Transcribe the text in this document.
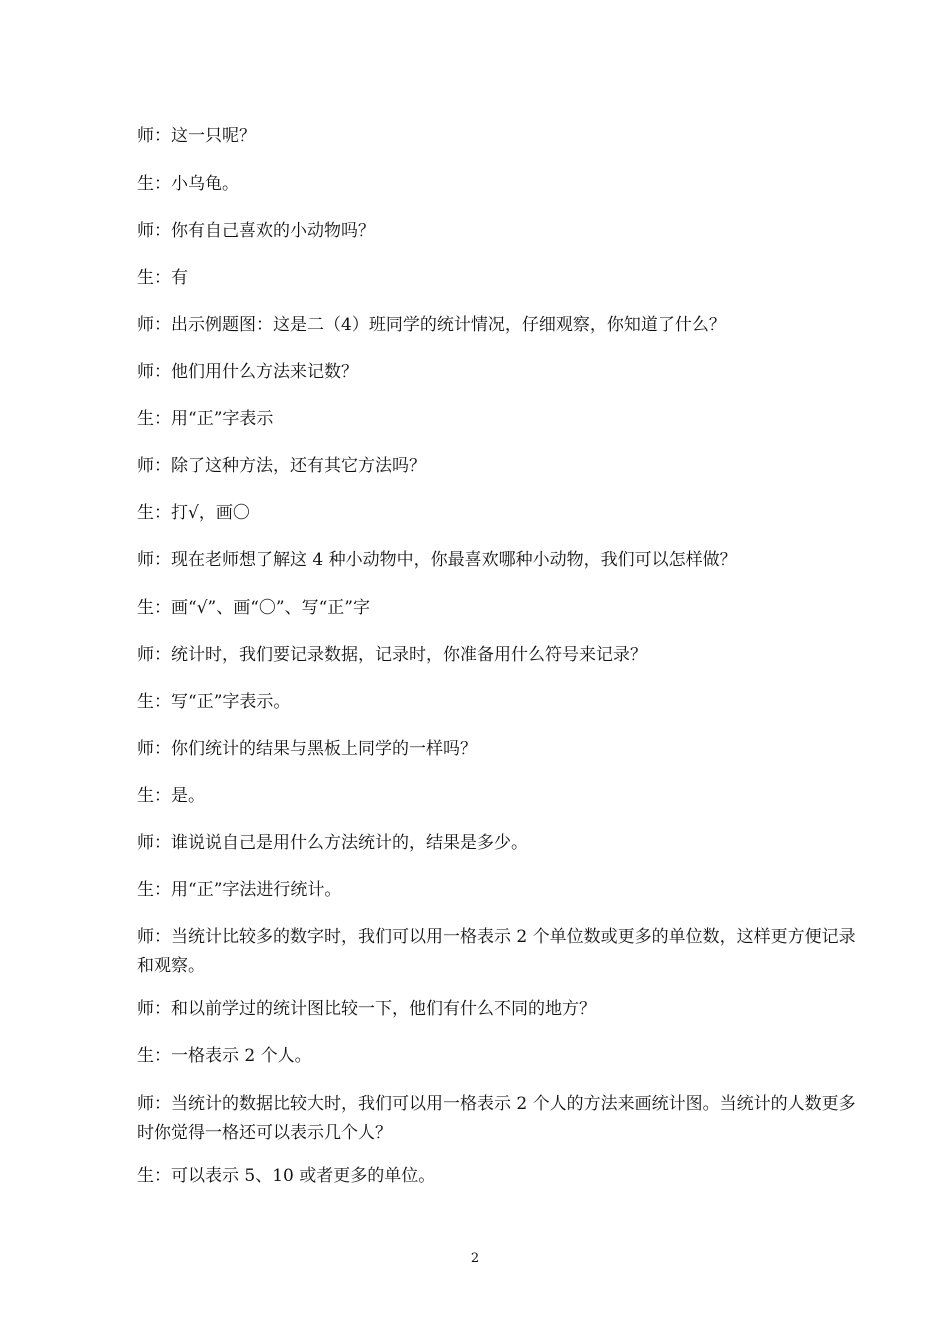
师：这一只呢？
生：小乌龟。
师：你有自己喜欢的小动物吗？
生：有
师：出示例题图：这是二（4）班同学的统计情况，仔细观察，你知道了什么？
师：他们用什么方法来记数？
生：用“正”字表示
师：除了这种方法，还有其它方法吗？
生：打√，画〇
师：现在老师想了解这 4 种小动物中，你最喜欢哪种小动物，我们可以怎样做？
生：画“√”、画“〇”、写“正”字
师：统计时，我们要记录数据，记录时，你准备用什么符号来记录？
生：写“正”字表示。
师：你们统计的结果与黑板上同学的一样吗？
生：是。
师：谁说说自己是用什么方法统计的，结果是多少。
生：用“正”字法进行统计。
师：当统计比较多的数字时，我们可以用一格表示 2 个单位数或更多的单位数，这样更方便记录和观察。
师：和以前学过的统计图比较一下，他们有什么不同的地方？
生：一格表示 2 个人。
师：当统计的数据比较大时，我们可以用一格表示 2 个人的方法来画统计图。当统计的人数更多时你觉得一格还可以表示几个人？
生：可以表示 5、10 或者更多的单位。
2
